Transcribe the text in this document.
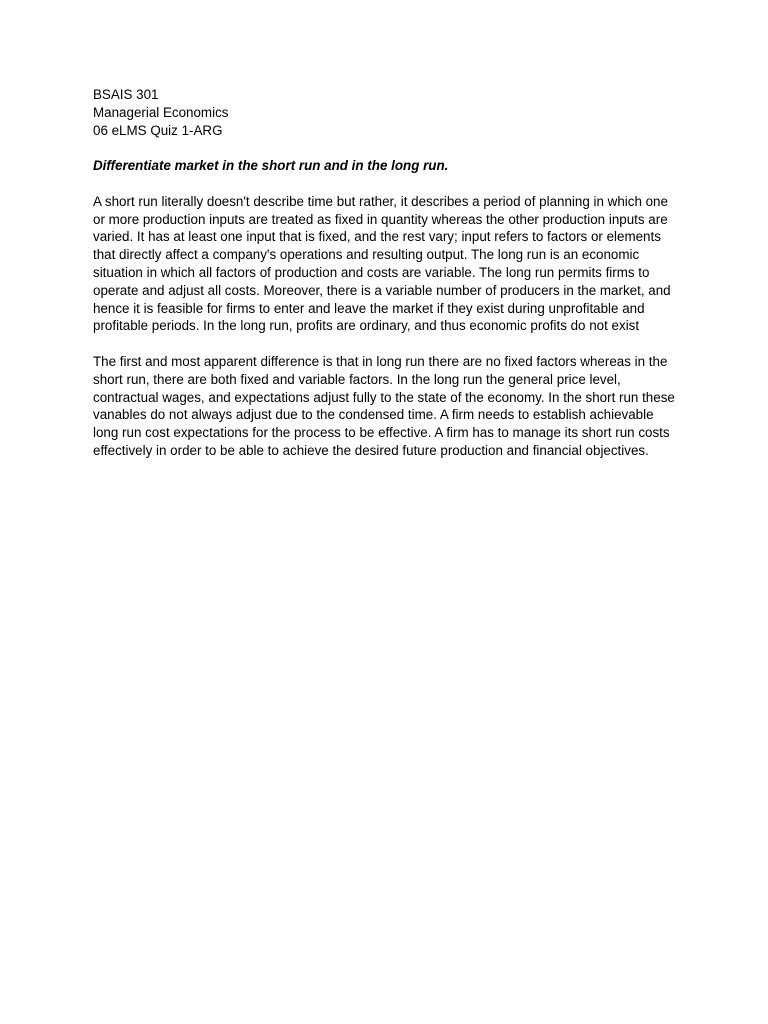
BSAIS 301
Managerial Economics
06 eLMS Quiz 1-ARG
Differentiate market in the short run and in the long run.

A short run literally doesn't describe time but rather, it describes a period of planning in which one or more production inputs are treated as fixed in quantity whereas the other production inputs are varied. It has at least one input that is fixed, and the rest vary; input refers to factors or elements that directly affect a company's operations and resulting output. The long run is an economic situation in which all factors of production and costs are variable. The long run permits firms to operate and adjust all costs. Moreover, there is a variable number of producers in the market, and hence it is feasible for firms to enter and leave the market if they exist during unprofitable and profitable periods. In the long run, profits are ordinary, and thus economic profits do not exist

The first and most apparent difference is that in long run there are no fixed factors whereas in the short run, there are both fixed and variable factors. In the long run the general price level, contractual wages, and expectations adjust fully to the state of the economy. In the short run these vanables do not always adjust due to the condensed time. A firm needs to establish achievable long run cost expectations for the process to be effective. A firm has to manage its short run costs effectively in order to be able to achieve the desired future production and financial objectives.
